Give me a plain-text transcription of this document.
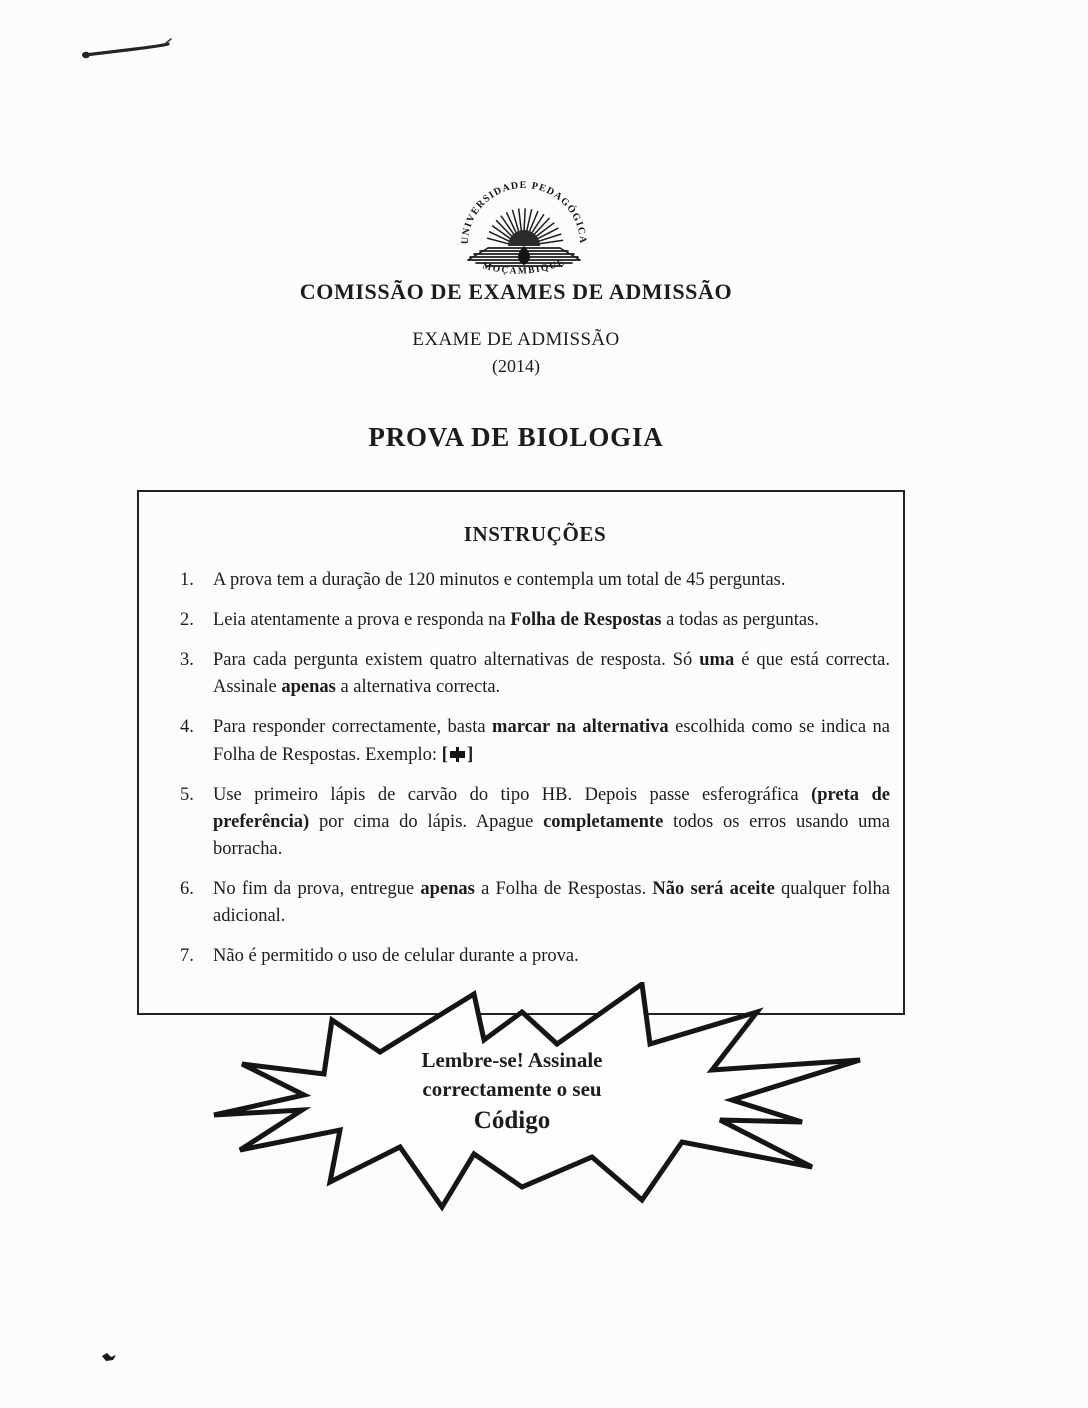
UNIVERSIDADE PEDAGÓGICA
MOÇAMBIQUE
COMISSÃO DE EXAMES DE ADMISSÃO
EXAME DE ADMISSÃO
(2014)
PROVA DE BIOLOGIA
INSTRUÇÕES
1.	A prova tem a duração de 120 minutos e contempla um total de 45 perguntas.
2.	Leia atentamente a prova e responda na Folha de Respostas a todas as perguntas.
3.	Para cada pergunta existem quatro alternativas de resposta. Só uma é que está correcta. Assinale apenas a alternativa correcta.
4.	Para responder correctamente, basta marcar na alternativa escolhida como se indica na Folha de Respostas. Exemplo: [ ]
5.	Use primeiro lápis de carvão do tipo HB. Depois passe esferográfica (preta de preferência) por cima do lápis. Apague completamente todos os erros usando uma borracha.
6.	No fim da prova, entregue apenas a Folha de Respostas. Não será aceite qualquer folha adicional.
7.	Não é permitido o uso de celular durante a prova.
Lembre-se! Assinale
correctamente o seu
Código
